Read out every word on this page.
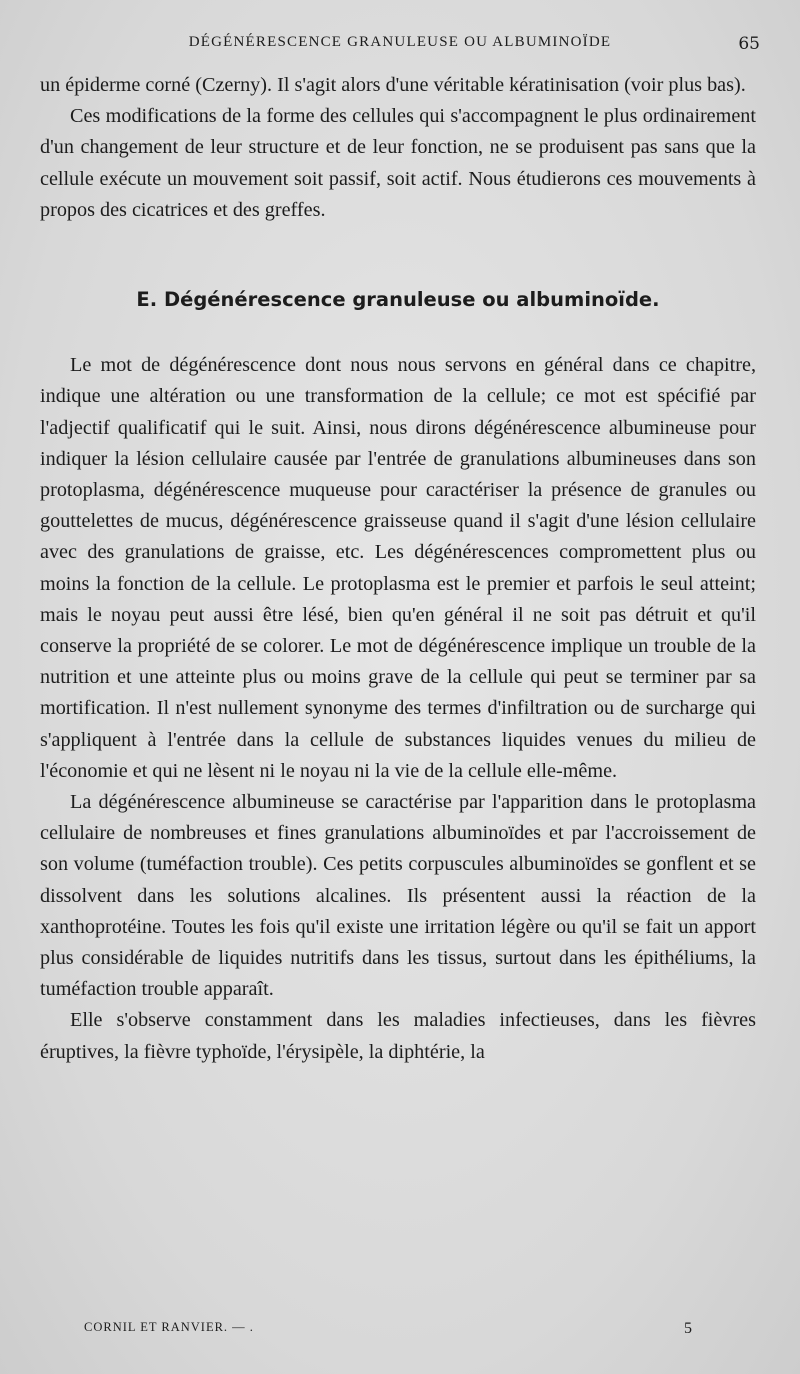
DÉGÉNÉRESCENCE GRANULEUSE OU ALBUMINOÏDE	65

un épiderme corné (Czerny). Il s'agit alors d'une véritable kératinisation (voir plus bas).

Ces modifications de la forme des cellules qui s'accompagnent le plus ordinairement d'un changement de leur structure et de leur fonction, ne se produisent pas sans que la cellule exécute un mouvement soit passif, soit actif. Nous étudierons ces mouvements à propos des cicatrices et des greffes.

E. Dégénérescence granuleuse ou albuminoïde.

Le mot de dégénérescence dont nous nous servons en général dans ce chapitre, indique une altération ou une transformation de la cellule; ce mot est spécifié par l'adjectif qualificatif qui le suit. Ainsi, nous dirons dégénérescence albumineuse pour indiquer la lésion cellulaire causée par l'entrée de granulations albumineuses dans son protoplasma, dégénérescence muqueuse pour caractériser la présence de granules ou gouttelettes de mucus, dégénérescence graisseuse quand il s'agit d'une lésion cellulaire avec des granulations de graisse, etc. Les dégénérescences compromettent plus ou moins la fonction de la cellule. Le protoplasma est le premier et parfois le seul atteint; mais le noyau peut aussi être lésé, bien qu'en général il ne soit pas détruit et qu'il conserve la propriété de se colorer. Le mot de dégénérescence implique un trouble de la nutrition et une atteinte plus ou moins grave de la cellule qui peut se terminer par sa mortification. Il n'est nullement synonyme des termes d'infiltration ou de surcharge qui s'appliquent à l'entrée dans la cellule de substances liquides venues du milieu de l'économie et qui ne lèsent ni le noyau ni la vie de la cellule elle-même.

La dégénérescence albumineuse se caractérise par l'apparition dans le protoplasma cellulaire de nombreuses et fines granulations albuminoïdes et par l'accroissement de son volume (tuméfaction trouble). Ces petits corpuscules albuminoïdes se gonflent et se dissolvent dans les solutions alcalines. Ils présentent aussi la réaction de la xanthoprotéine. Toutes les fois qu'il existe une irritation légère ou qu'il se fait un apport plus considérable de liquides nutritifs dans les tissus, surtout dans les épithéliums, la tuméfaction trouble apparaît.

Elle s'observe constamment dans les maladies infectieuses, dans les fièvres éruptives, la fièvre typhoïde, l'érysipèle, la diphtérie, la

CORNIL ET RANVIER. — .	5
